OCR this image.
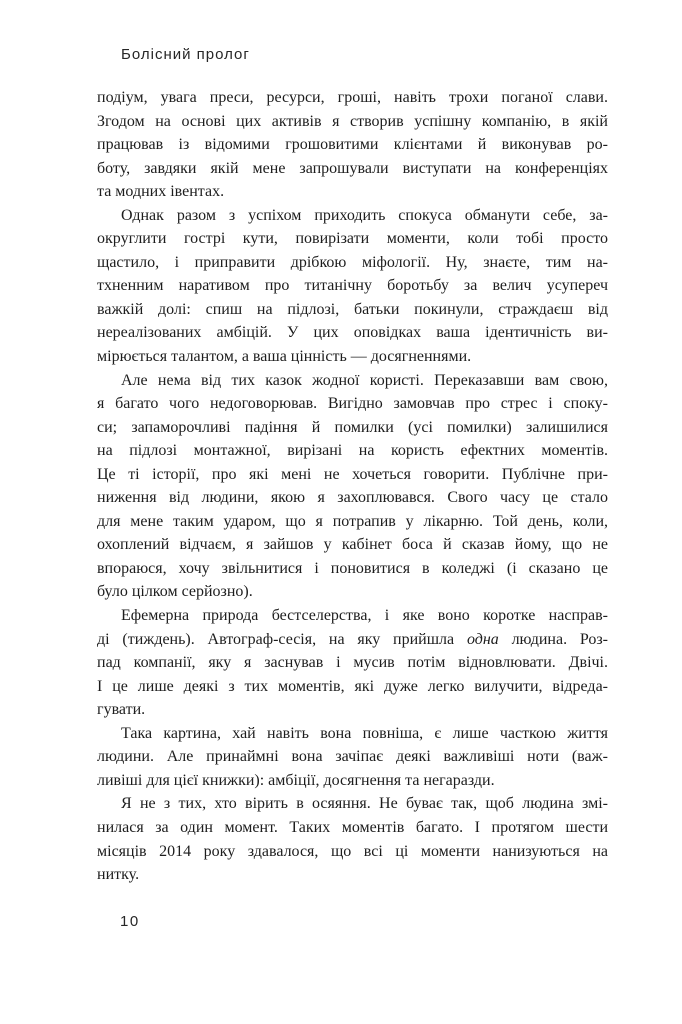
Болісний пролог
подіум, увага преси, ресурси, гроші, навіть трохи поганої слави.
Згодом на основі цих активів я створив успішну компанію, в якій
працював із відомими грошовитими клієнтами й виконував ро-
боту, завдяки якій мене запрошували виступати на конференціях
та модних івентах.
Однак разом з успіхом приходить спокуса обманути себе, за-
округлити гострі кути, повирізати моменти, коли тобі просто
щастило, і приправити дрібкою міфології. Ну, знаєте, тим на-
тхненним наративом про титанічну боротьбу за велич усупереч
важкій долі: спиш на підлозі, батьки покинули, страждаєш від
нереалізованих амбіцій. У цих оповідках ваша ідентичність ви-
мірюється талантом, а ваша цінність — досягненнями.
Але нема від тих казок жодної користі. Переказавши вам свою,
я багато чого недоговорював. Вигідно замовчав про стрес і споку-
си; запаморочливі падіння й помилки (усі помилки) залишилися
на підлозі монтажної, вирізані на користь ефектних моментів.
Це ті історії, про які мені не хочеться говорити. Публічне при-
ниження від людини, якою я захоплювався. Свого часу це стало
для мене таким ударом, що я потрапив у лікарню. Той день, коли,
охоплений відчаєм, я зайшов у кабінет боса й сказав йому, що не
впораюся, хочу звільнитися і поновитися в коледжі (і сказано це
було цілком серйозно).
Ефемерна природа бестселерства, і яке воно коротке насправ-
ді (тиждень). Автограф-сесія, на яку прийшла одна людина. Роз-
пад компанії, яку я заснував і мусив потім відновлювати. Двічі.
І це лише деякі з тих моментів, які дуже легко вилучити, відреда-
гувати.
Така картина, хай навіть вона повніша, є лише часткою життя
людини. Але принаймні вона зачіпає деякі важливіші ноти (важ-
ливіші для цієї книжки): амбіції, досягнення та негаразди.
Я не з тих, хто вірить в осяяння. Не буває так, щоб людина змі-
нилася за один момент. Таких моментів багато. І протягом шести
місяців 2014 року здавалося, що всі ці моменти нанизуються на
нитку.
10
